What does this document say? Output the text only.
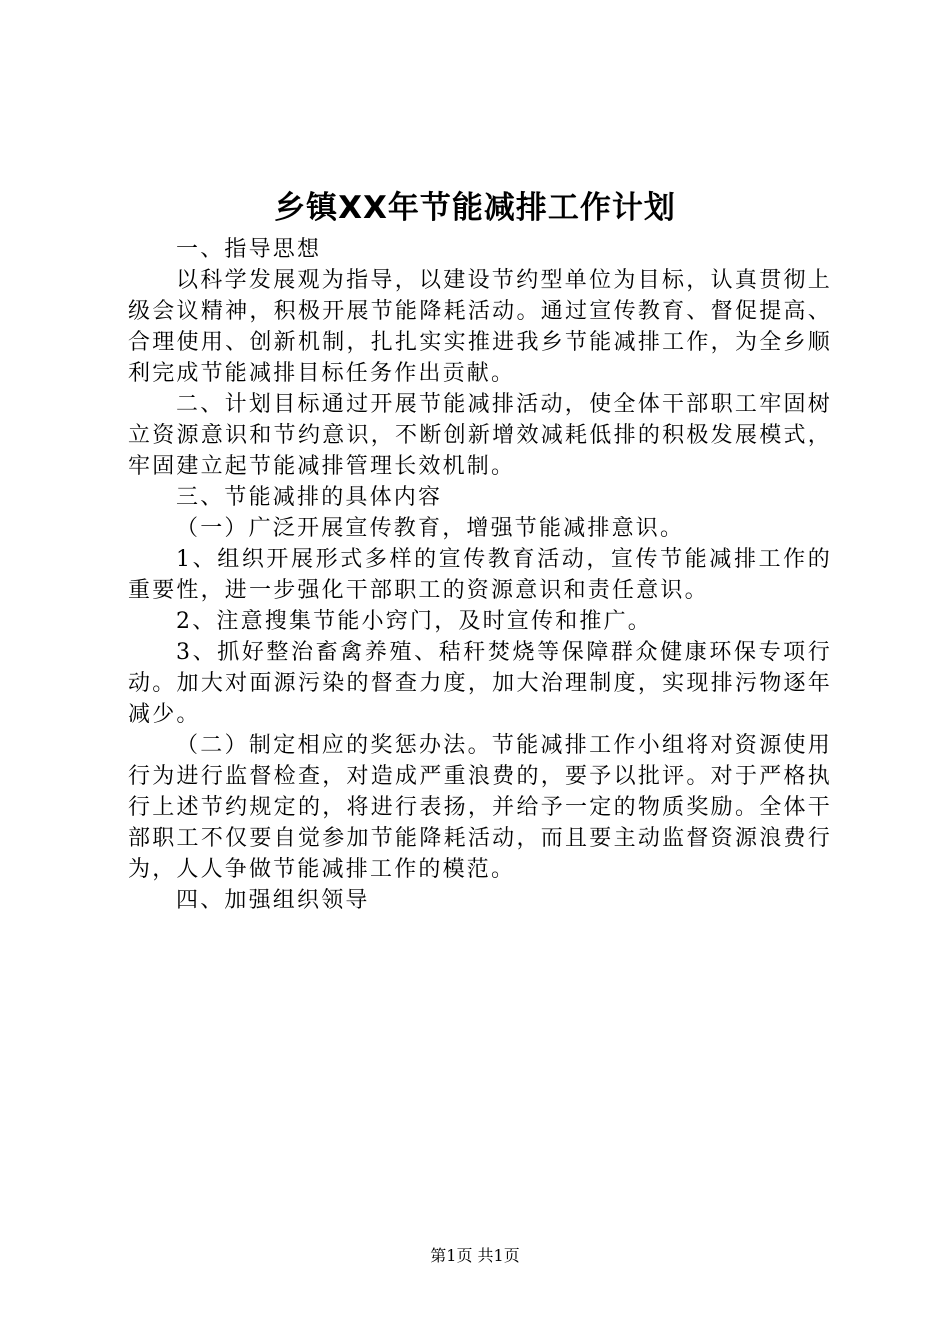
乡镇XX年节能减排工作计划

一、指导思想

以科学发展观为指导，以建设节约型单位为目标，认真贯彻上级会议精神，积极开展节能降耗活动。通过宣传教育、督促提高、合理使用、创新机制，扎扎实实推进我乡节能减排工作，为全乡顺利完成节能减排目标任务作出贡献。

二、计划目标通过开展节能减排活动，使全体干部职工牢固树立资源意识和节约意识，不断创新增效减耗低排的积极发展模式，牢固建立起节能减排管理长效机制。

三、节能减排的具体内容

（一）广泛开展宣传教育，增强节能减排意识。

1、组织开展形式多样的宣传教育活动，宣传节能减排工作的重要性，进一步强化干部职工的资源意识和责任意识。

2、注意搜集节能小窍门，及时宣传和推广。

3、抓好整治畜禽养殖、秸秆焚烧等保障群众健康环保专项行动。加大对面源污染的督查力度，加大治理制度，实现排污物逐年减少。

（二）制定相应的奖惩办法。节能减排工作小组将对资源使用行为进行监督检查，对造成严重浪费的，要予以批评。对于严格执行上述节约规定的，将进行表扬，并给予一定的物质奖励。全体干部职工不仅要自觉参加节能降耗活动，而且要主动监督资源浪费行为，人人争做节能减排工作的模范。

四、加强组织领导

第1页 共1页
